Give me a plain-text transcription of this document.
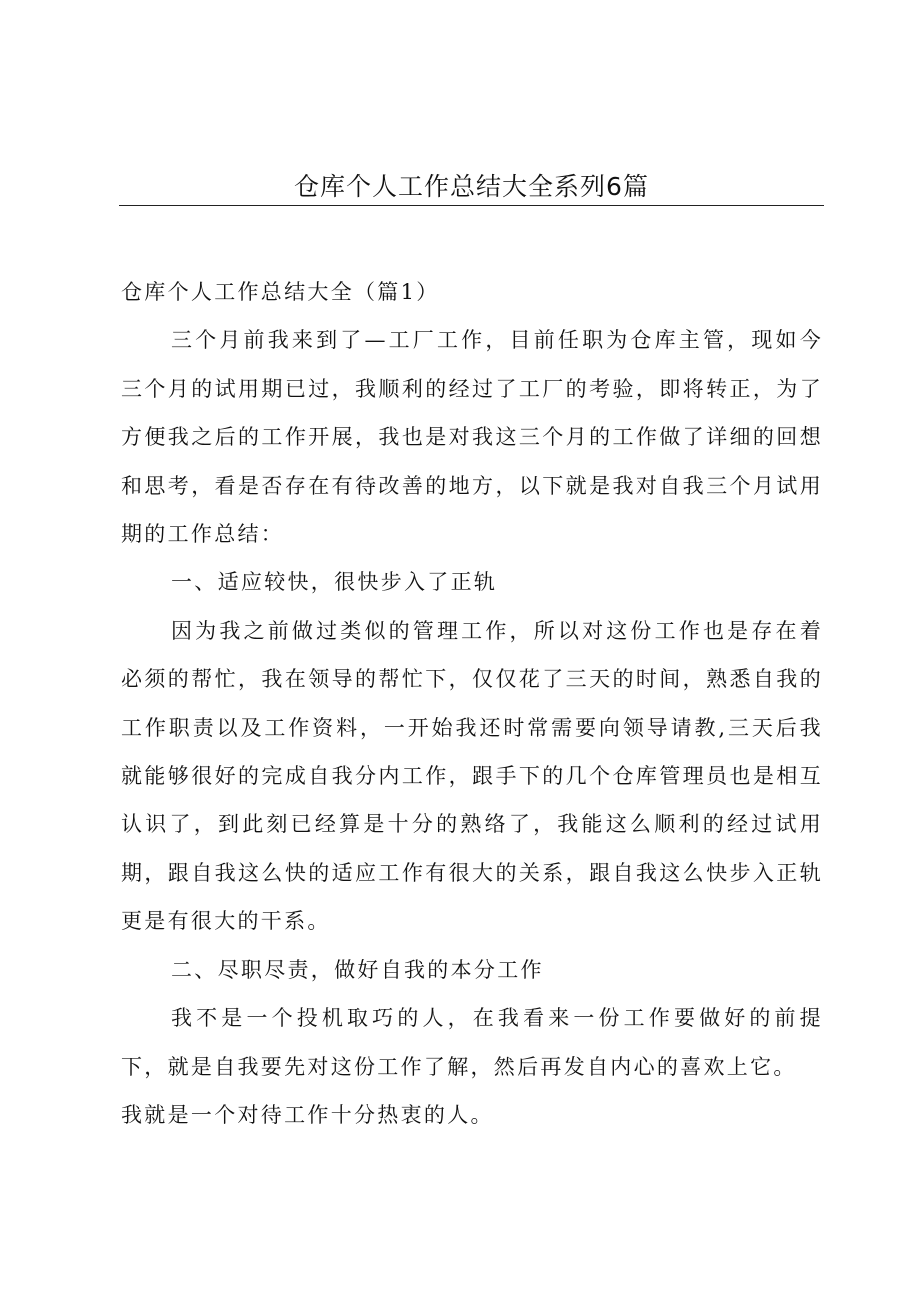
仓库个人工作总结大全系列6篇

仓库个人工作总结大全（篇1）

三个月前我来到了—工厂工作，目前任职为仓库主管，现如今三个月的试用期已过，我顺利的经过了工厂的考验，即将转正，为了方便我之后的工作开展，我也是对我这三个月的工作做了详细的回想和思考，看是否存在有待改善的地方，以下就是我对自我三个月试用期的工作总结：

一、适应较快，很快步入了正轨

因为我之前做过类似的管理工作，所以对这份工作也是存在着必须的帮忙，我在领导的帮忙下，仅仅花了三天的时间，熟悉自我的工作职责以及工作资料，一开始我还时常需要向领导请教,三天后我就能够很好的完成自我分内工作，跟手下的几个仓库管理员也是相互认识了，到此刻已经算是十分的熟络了，我能这么顺利的经过试用期，跟自我这么快的适应工作有很大的关系，跟自我这么快步入正轨更是有很大的干系。

二、尽职尽责，做好自我的本分工作

我不是一个投机取巧的人，在我看来一份工作要做好的前提下，就是自我要先对这份工作了解，然后再发自内心的喜欢上它。

我就是一个对待工作十分热衷的人。
